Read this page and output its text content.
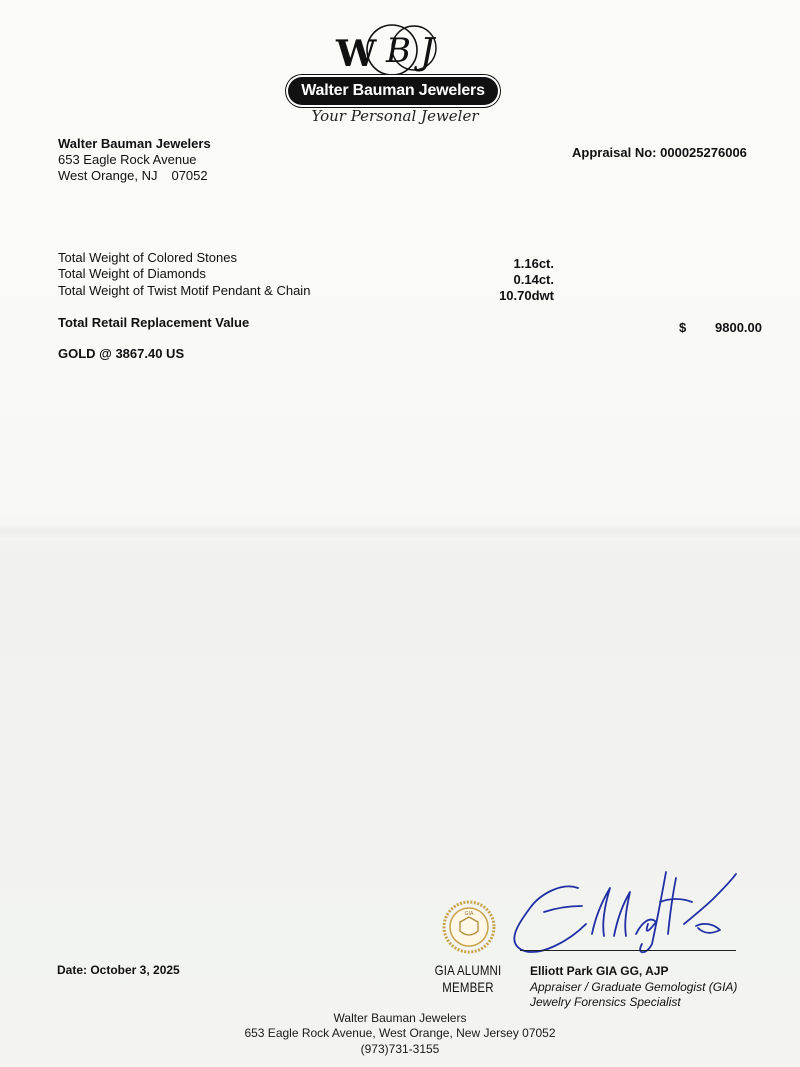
W B J
Walter Bauman Jewelers
Your Personal Jeweler
Walter Bauman Jewelers
653 Eagle Rock Avenue
West Orange, NJ 07052
Appraisal No: 000025276006
Total Weight of Colored Stones
Total Weight of Diamonds
Total Weight of Twist Motif Pendant & Chain
1.16ct.
0.14ct.
10.70dwt
Total Retail Replacement Value	$	9800.00
GOLD @ 3867.40 US
Date: October 3, 2025
GIA
GIA ALUMNI
MEMBER
Elliott Park GIA GG, AJP
Appraiser / Graduate Gemologist (GIA)
Jewelry Forensics Specialist
Walter Bauman Jewelers
653 Eagle Rock Avenue, West Orange, New Jersey 07052
(973)731-3155
